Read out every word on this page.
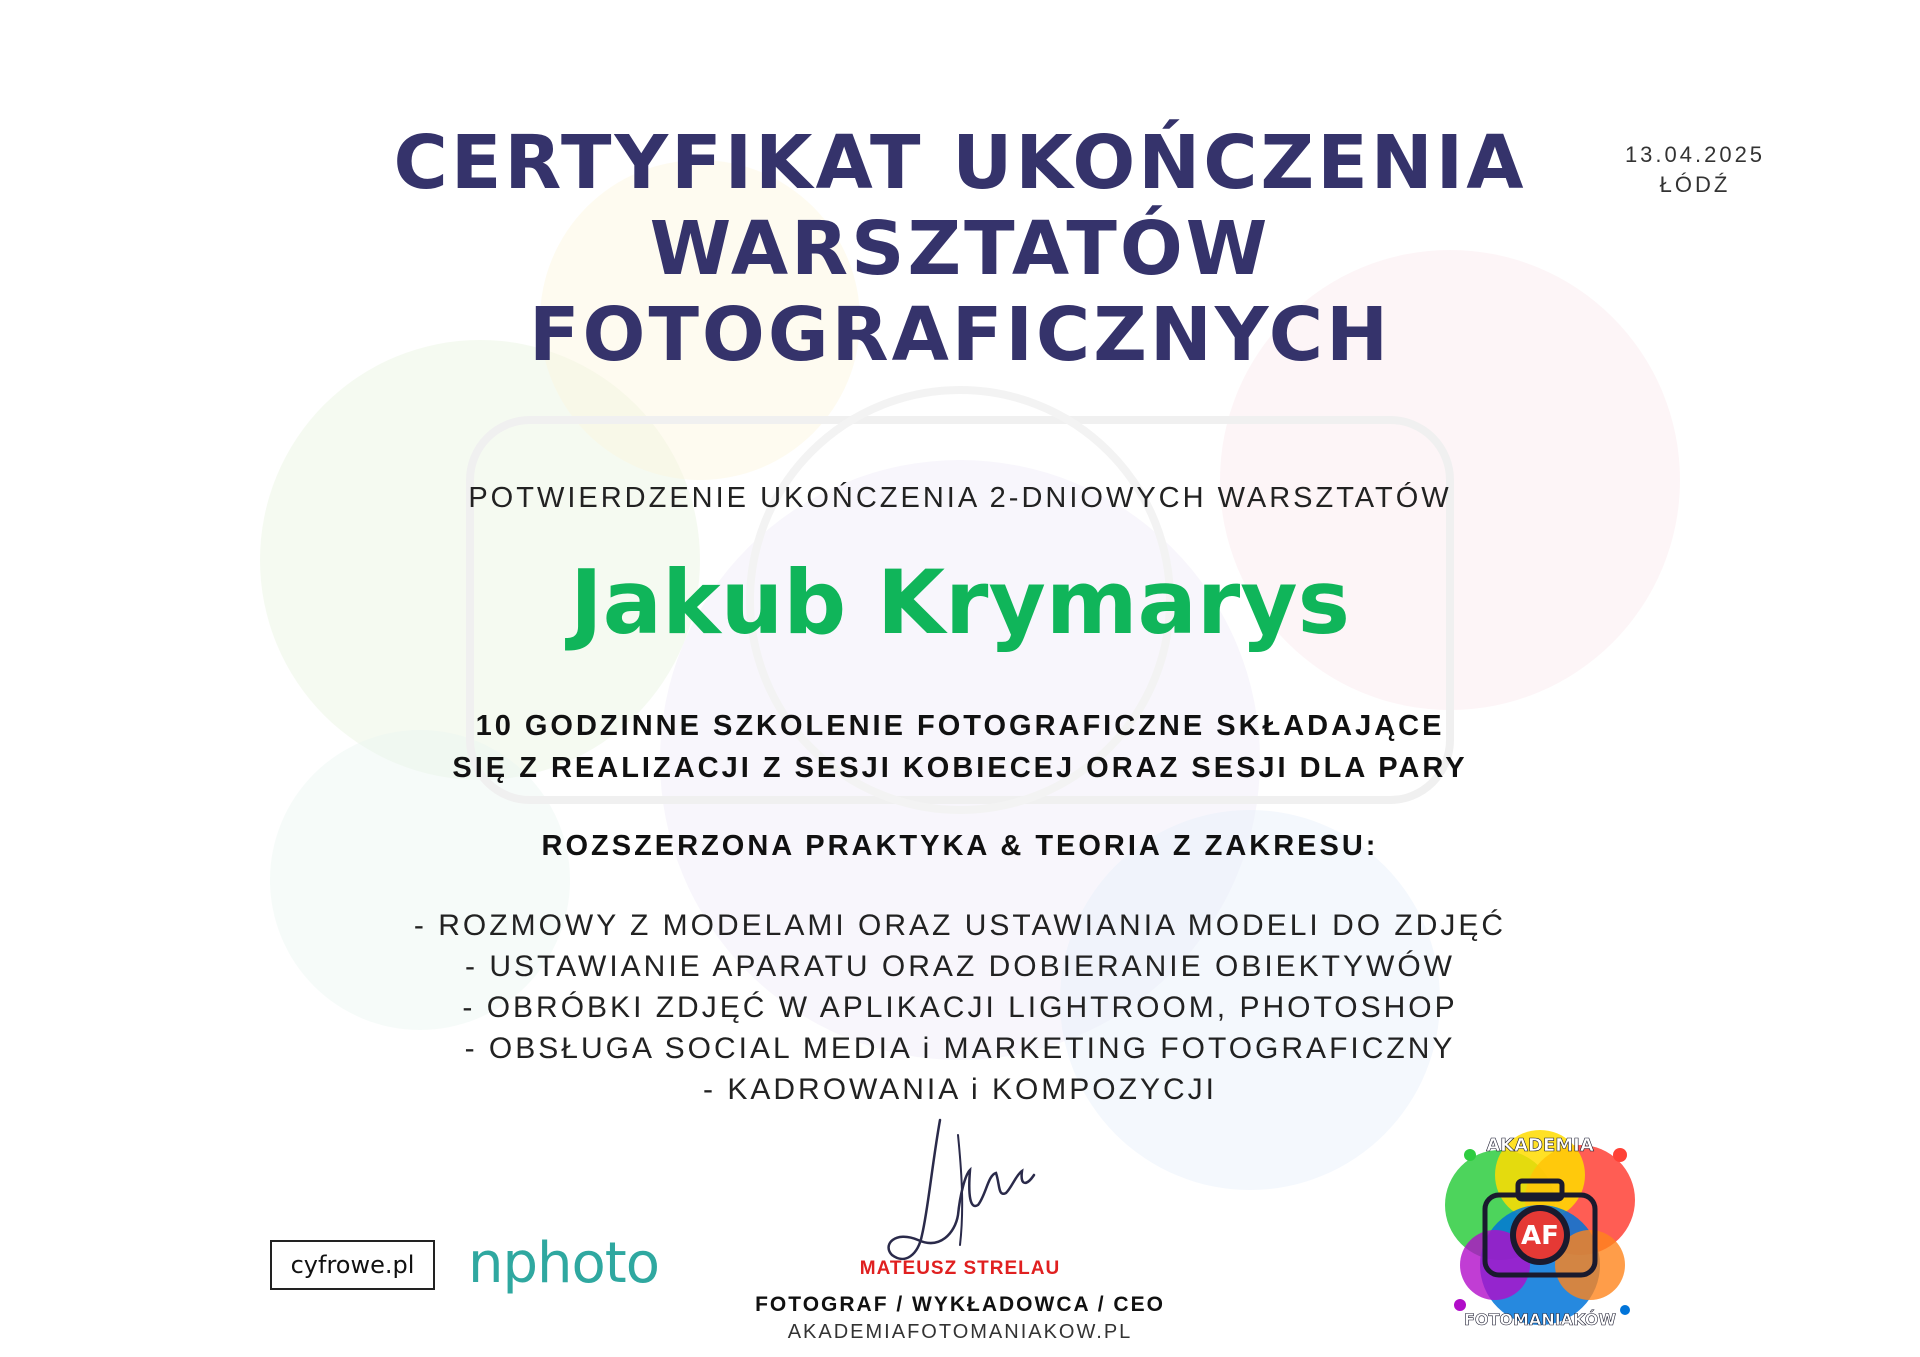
13.04.2025
ŁÓDŹ
CERTYFIKAT UKOŃCZENIA
WARSZTATÓW
FOTOGRAFICZNYCH
POTWIERDZENIE UKOŃCZENIA 2-DNIOWYCH WARSZTATÓW
Jakub Krymarys
10 GODZINNE SZKOLENIE FOTOGRAFICZNE SKŁADAJĄCE
SIĘ Z REALIZACJI Z SESJI KOBIECEJ ORAZ SESJI DLA PARY
ROZSZERZONA PRAKTYKA & TEORIA Z ZAKRESU:
- ROZMOWY Z MODELAMI ORAZ USTAWIANIA MODELI DO ZDJĘĆ
- USTAWIANIE APARATU ORAZ DOBIERANIE OBIEKTYWÓW
- OBRÓBKI ZDJĘĆ W APLIKACJI LIGHTROOM, PHOTOSHOP
- OBSŁUGA SOCIAL MEDIA i MARKETING FOTOGRAFICZNY
- KADROWANIA i KOMPOZYCJI
MATEUSZ STRELAU
FOTOGRAF / WYKŁADOWCA / CEO
AKADEMIAFOTOMANIAKOW.PL
cyfrowe.pl nphoto	AF
AKADEMIA
FOTOMANIAKÓW
